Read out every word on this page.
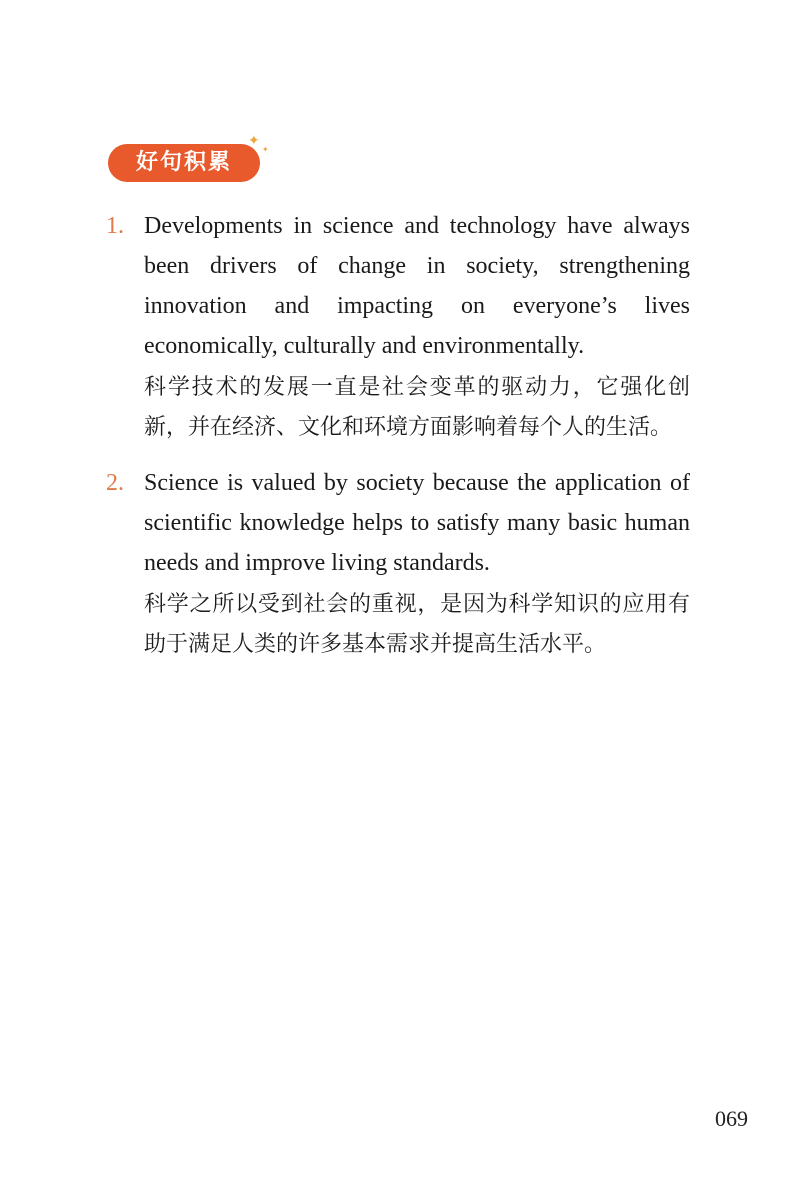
好句积累
✦
✦
1. Developments in science and technology have always been drivers of change in society, strengthening innovation and impacting on everyone’s lives economically, culturally and environmentally.
科学技术的发展一直是社会变革的驱动力，它强化创新，并在经济、文化和环境方面影响着每个人的生活。
2. Science is valued by society because the application of scientific knowledge helps to satisfy many basic human needs and improve living standards.
科学之所以受到社会的重视，是因为科学知识的应用有助于满足人类的许多基本需求并提高生活水平。
069
